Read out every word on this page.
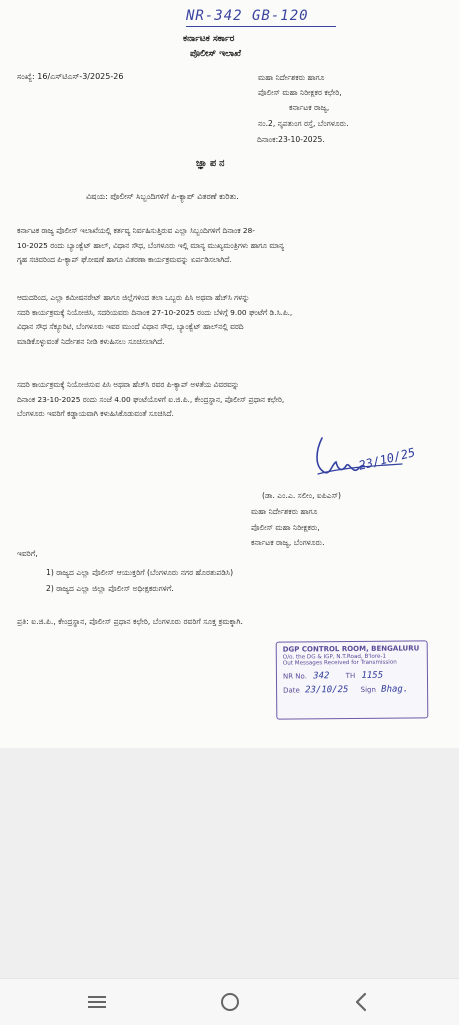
NR-342 GB-120
ಕರ್ನಾಟಕ ಸರ್ಕಾರ
ಪೊಲೀಸ್ ಇಲಾಖೆ
ಸಂಖ್ಯೆ: 16/ಎಸ್‌ಟಿಎಸ್-3/2025-26	ಮಹಾ ನಿರ್ದೇಶಕರು ಹಾಗೂ
ಪೊಲೀಸ್ ಮಹಾ ನಿರೀಕ್ಷಕರ ಕಛೇರಿ,
ಕರ್ನಾಟಕ ರಾಜ್ಯ,
ನಂ.2, ನೃಪತುಂಗ ರಸ್ತೆ, ಬೆಂಗಳೂರು.
ದಿನಾಂಕ:23-10-2025.
ಜ್ಞಾಪನ
ವಿಷಯ: ಪೊಲೀಸ್ ಸಿಬ್ಬಂದಿಗಳಿಗೆ ಪಿ-ಕ್ಯಾಪ್ ವಿತರಣೆ ಕುರಿತು.
ಕರ್ನಾಟಕ ರಾಜ್ಯ ಪೊಲೀಸ್ ಇಲಾಖೆಯಲ್ಲಿ ಕರ್ತವ್ಯ ನಿರ್ವಹಿಸುತ್ತಿರುವ ಎಲ್ಲಾ ಸಿಬ್ಬಂದಿಗಳಿಗೆ ದಿನಾಂಕ 28-
10-2025 ರಂದು ಬ್ಯಾಂಕ್ವೆಟ್ ಹಾಲ್, ವಿಧಾನ ಸೌಧ, ಬೆಂಗಳೂರು ಇಲ್ಲಿ ಮಾನ್ಯ ಮುಖ್ಯಮಂತ್ರಿಗಳು ಹಾಗೂ ಮಾನ್ಯ
ಗೃಹ ಸಚಿವರಿಂದ ಪಿ-ಕ್ಯಾಪ್ ಘೋಷಣೆ ಹಾಗೂ ವಿತರಣಾ ಕಾರ್ಯಕ್ರಮವನ್ನು ಏರ್ಪಡಿಸಲಾಗಿದೆ.
ಆದುದರಿಂದ, ಎಲ್ಲಾ ಕಮೀಷನರೇಟ್ ಹಾಗೂ ಜಿಲ್ಲೆಗಳಿಂದ ತಲಾ ಒಬ್ಬರು ಪಿಸಿ ಅಥವಾ ಹೆಚ್‌ಸಿ ಗಳನ್ನು
ಸದರಿ ಕಾರ್ಯಕ್ರಮಕ್ಕೆ ನಿಯೋಜಿಸಿ, ಸದರಿಯವರು ದಿನಾಂಕ 27-10-2025 ರಂದು ಬೆಳಿಗ್ಗೆ 9.00 ಘಂಟೆಗೆ ಡಿ.ಸಿ.ಪಿ.,
ವಿಧಾನ ಸೌಧ ಸೆಕ್ಯೂರಿಟಿ, ಬೆಂಗಳೂರು ಇವರ ಮುಂದೆ ವಿಧಾನ ಸೌಧ, ಬ್ಯಾಂಕ್ವೆಟ್ ಹಾಲ್‌ನಲ್ಲಿ ವರದಿ
ಮಾಡಿಕೊಳ್ಳುವಂತೆ ನಿರ್ದೇಶನ ನೀಡಿ ಕಳುಹಿಸಲು ಸೂಚಿಸಲಾಗಿದೆ.
ಸದರಿ ಕಾರ್ಯಕ್ರಮಕ್ಕೆ ನಿಯೋಜಿಸುವ ಪಿಸಿ ಅಥವಾ ಹೆಚ್‌ಸಿ ರವರ ಪಿ-ಕ್ಯಾಪ್ ಅಳತೆಯ ವಿವರವನ್ನು
ದಿನಾಂಕ 23-10-2025 ರಂದು ಸಂಜೆ 4.00 ಘಂಟೆಯೊಳಗೆ ಐ.ಜಿ.ಪಿ., ಕೇಂದ್ರಸ್ಥಾನ, ಪೊಲೀಸ್ ಪ್ರಧಾನ ಕಛೇರಿ,
ಬೆಂಗಳೂರು ಇವರಿಗೆ ಕಡ್ಡಾಯವಾಗಿ ಕಳುಹಿಸಿಕೊಡುವಂತೆ ಸೂಚಿಸಿದೆ.
23/10/25
(ಡಾ. ಎಂ.ಎ. ಸಲೀಂ, ಐಪಿಎಸ್)
ಮಹಾ ನಿರ್ದೇಶಕರು ಹಾಗೂ
ಪೊಲೀಸ್ ಮಹಾ ನಿರೀಕ್ಷಕರು,
ಕರ್ನಾಟಕ ರಾಜ್ಯ, ಬೆಂಗಳೂರು.
ಇವರಿಗೆ,
1) ರಾಜ್ಯದ ಎಲ್ಲಾ ಪೊಲೀಸ್ ಆಯುಕ್ತರಿಗೆ (ಬೆಂಗಳೂರು ನಗರ ಹೊರತುಪಡಿಸಿ)
2) ರಾಜ್ಯದ ಎಲ್ಲಾ ಜಿಲ್ಲಾ ಪೊಲೀಸ್ ಅಧೀಕ್ಷಕರುಗಳಿಗೆ.
ಪ್ರತಿ: ಐ.ಜಿ.ಪಿ., ಕೇಂದ್ರಸ್ಥಾನ, ಪೊಲೀಸ್ ಪ್ರಧಾನ ಕಛೇರಿ, ಬೆಂಗಳೂರು ರವರಿಗೆ ಸೂಕ್ತ ಕ್ರಮಕ್ಕಾಗಿ.
DGP CONTROL ROOM, BENGALURU
O/o. the DG & IGP, N.T.Road, B'lore-1
Out Messages Received for Transmission
NR No. 342 TH 1155
Date 23/10/25 Sign Bhag.
